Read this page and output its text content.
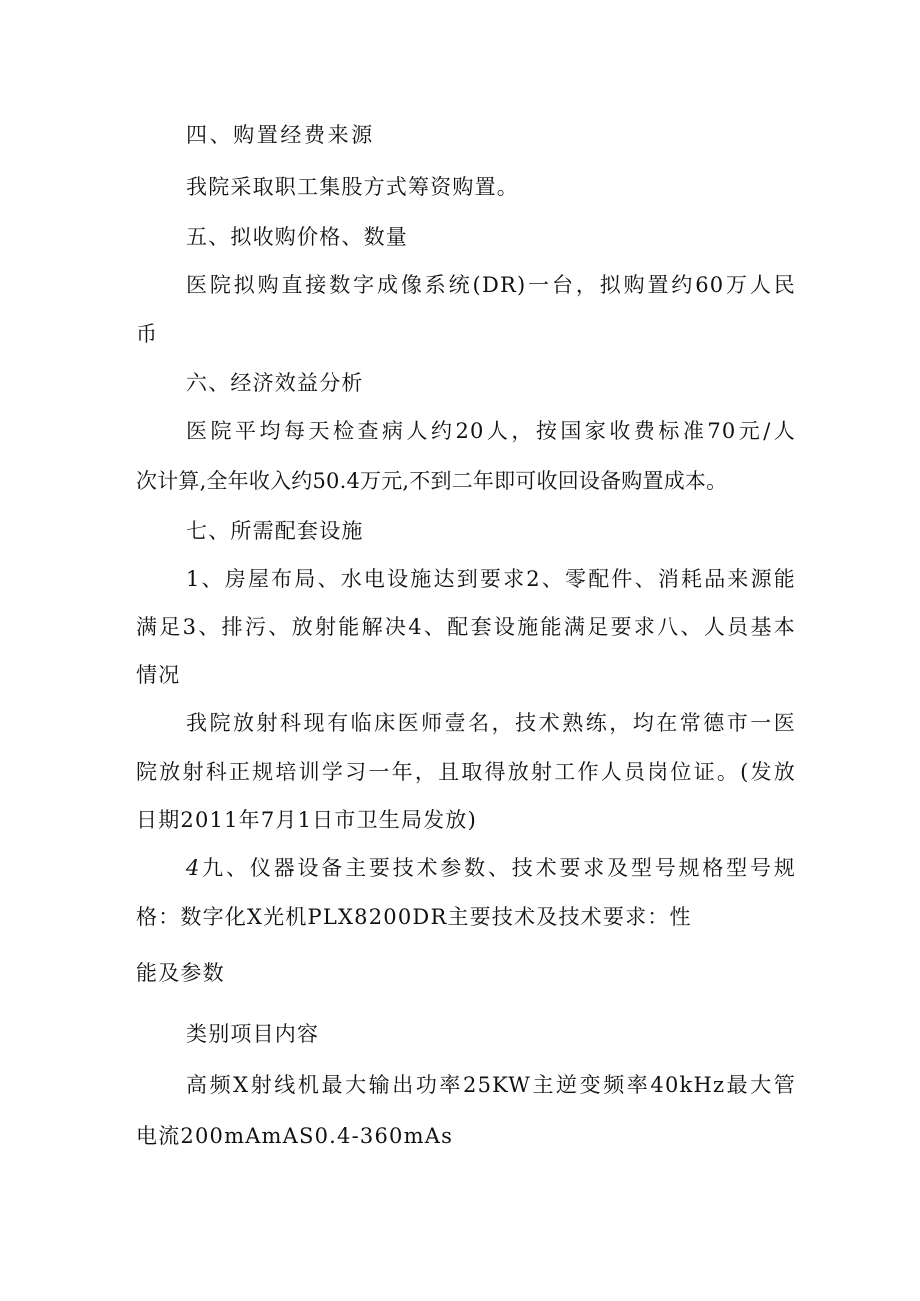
四、购置经费来源
我院采取职工集股方式筹资购置。
五、拟收购价格、数量
医院拟购直接数字成像系统(DR)一台，拟购置约60万人民
币
六、经济效益分析
医院平均每天检查病人约20人，按国家收费标准70元/人
次计算,全年收入约50.4万元,不到二年即可收回设备购置成本。
七、所需配套设施
1、房屋布局、水电设施达到要求2、零配件、消耗品来源能
满足3、排污、放射能解决4、配套设施能满足要求八、人员基本
情况
我院放射科现有临床医师壹名，技术熟练，均在常德市一医
院放射科正规培训学习一年，且取得放射工作人员岗位证。(发放
日期2011年7月1日市卫生局发放)
4九、仪器设备主要技术参数、技术要求及型号规格型号规
格：数字化X光机PLX8200DR主要技术及技术要求：性
能及参数
类别项目内容
高频X射线机最大输出功率25KW主逆变频率40kHz最大管
电流200mAmAS0.4-360mAs
